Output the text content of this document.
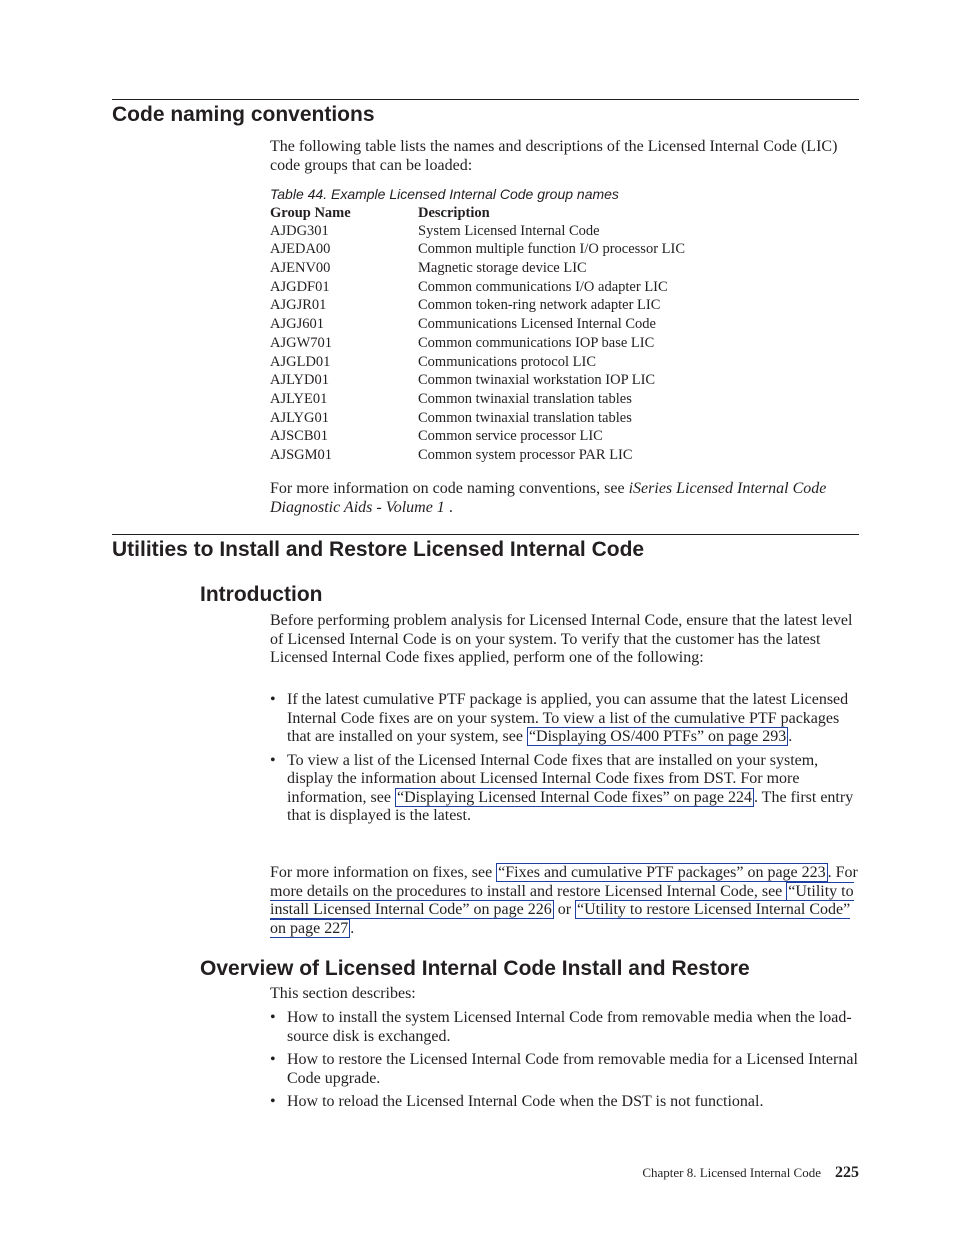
Code naming conventions
The following table lists the names and descriptions of the Licensed Internal Code (LIC) code groups that can be loaded:
Table 44. Example Licensed Internal Code group names
Group Name	Description
AJDG301	System Licensed Internal Code
AJEDA00	Common multiple function I/O processor LIC
AJENV00	Magnetic storage device LIC
AJGDF01	Common communications I/O adapter LIC
AJGJR01	Common token-ring network adapter LIC
AJGJ601	Communications Licensed Internal Code
AJGW701	Common communications IOP base LIC
AJGLD01	Communications protocol LIC
AJLYD01	Common twinaxial workstation IOP LIC
AJLYE01	Common twinaxial translation tables
AJLYG01	Common twinaxial translation tables
AJSCB01	Common service processor LIC
AJSGM01	Common system processor PAR LIC
For more information on code naming conventions, see iSeries Licensed Internal Code Diagnostic Aids - Volume 1 .
Utilities to Install and Restore Licensed Internal Code
Introduction
Before performing problem analysis for Licensed Internal Code, ensure that the latest level of Licensed Internal Code is on your system. To verify that the customer has the latest Licensed Internal Code fixes applied, perform one of the following:
• If the latest cumulative PTF package is applied, you can assume that the latest Licensed Internal Code fixes are on your system. To view a list of the cumulative PTF packages that are installed on your system, see “Displaying OS/400 PTFs” on page 293 .
• To view a list of the Licensed Internal Code fixes that are installed on your system, display the information about Licensed Internal Code fixes from DST. For more information, see “Displaying Licensed Internal Code fixes” on page 224 . The first entry that is displayed is the latest.
For more information on fixes, see “Fixes and cumulative PTF packages” on page 223 . For more details on the procedures to install and restore Licensed Internal Code, see “Utility to install Licensed Internal Code” on page 226 or “Utility to restore Licensed Internal Code” on page 227 .
Overview of Licensed Internal Code Install and Restore
This section describes:
• How to install the system Licensed Internal Code from removable media when the load-source disk is exchanged.
• How to restore the Licensed Internal Code from removable media for a Licensed Internal Code upgrade.
• How to reload the Licensed Internal Code when the DST is not functional.
Chapter 8. Licensed Internal Code 225
